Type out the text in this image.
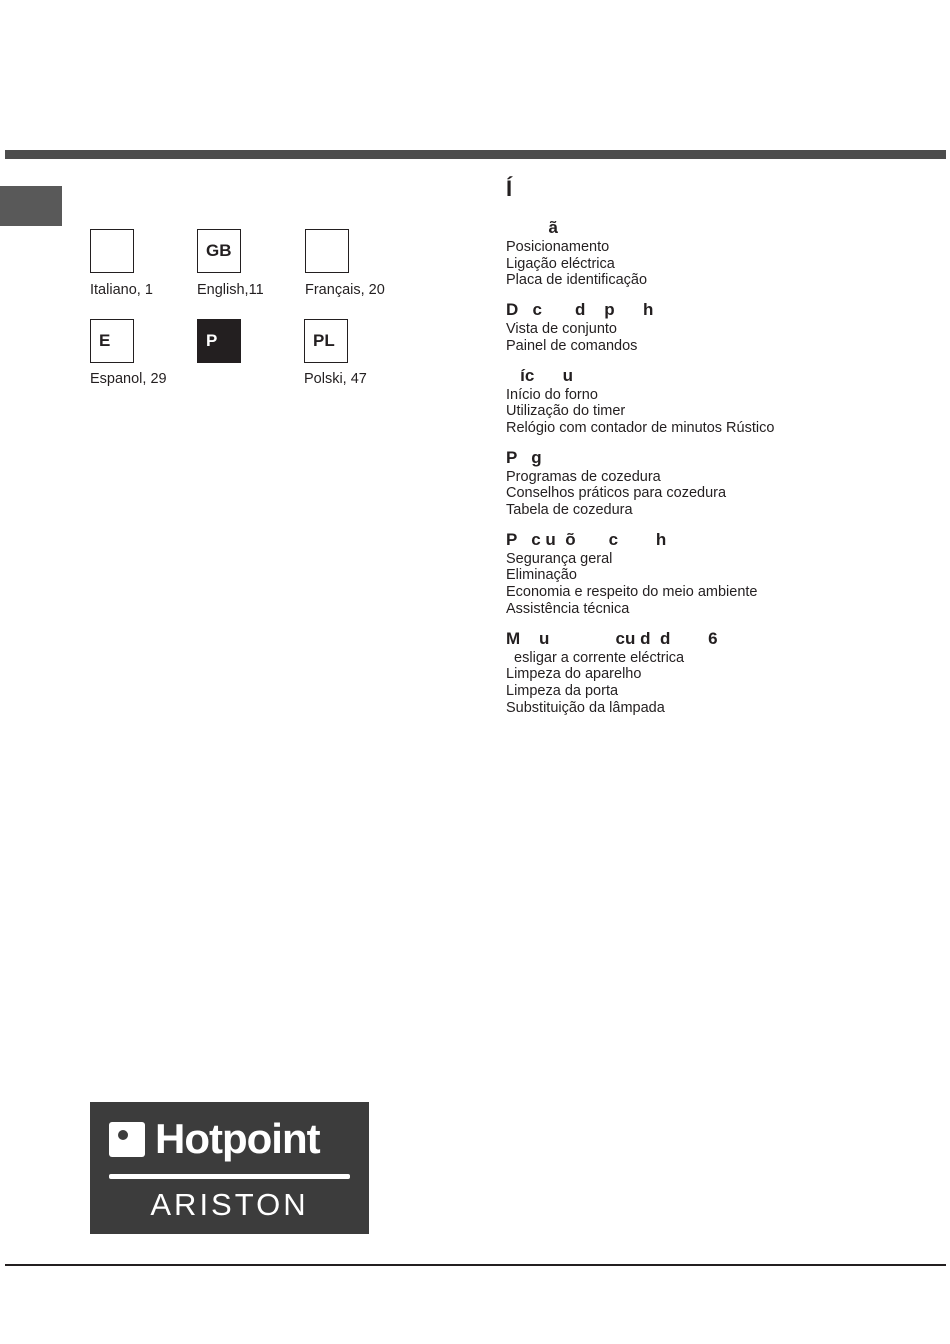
GB
Italiano, 1	English,11	Français, 20
E	P	PL
Espanol, 29	Polski, 47
Í
ã
Posicionamento
Ligação eléctrica
Placa de identificação
D   c       d    p      h
Vista de conjunto
Painel de comandos
íc      u
Início do forno
Utilização do timer
Relógio com contador de minutos Rústico
P   g
Programas de cozedura
Conselhos práticos para cozedura
Tabela de cozedura
P   c u  õ       c        h
Segurança geral
Eliminação
Economia e respeito do meio ambiente
Assistência técnica
M    u              cu d  d        6
esligar a corrente eléctrica
Limpeza do aparelho
Limpeza da porta
Substituição da lâmpada
Hotpoint
ARISTON
